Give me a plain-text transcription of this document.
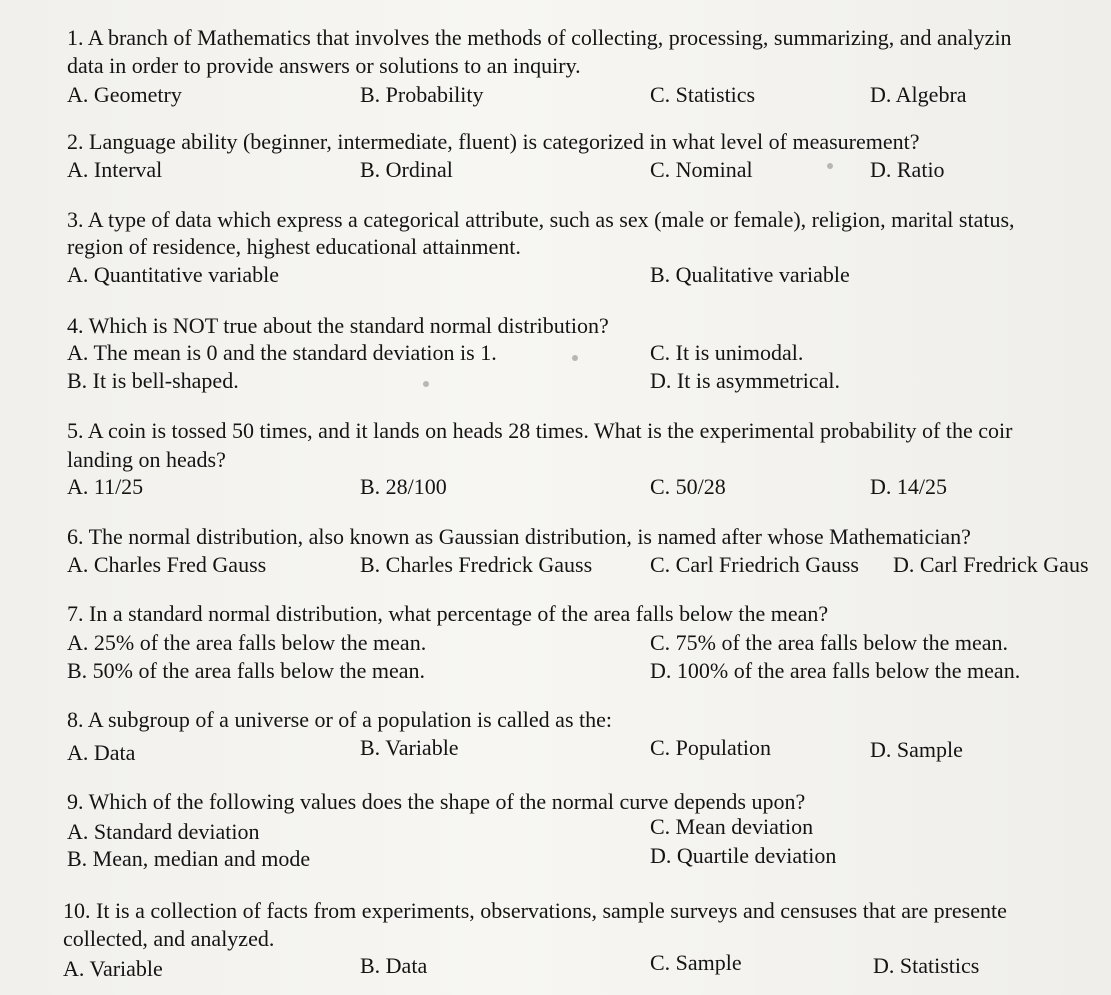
1. A branch of Mathematics that involves the methods of collecting, processing, summarizing, and analyzin
data in order to provide answers or solutions to an inquiry.
A. Geometry	B. Probability	C. Statistics	D. Algebra
2. Language ability (beginner, intermediate, fluent) is categorized in what level of measurement?
A. Interval	B. Ordinal	C. Nominal	D. Ratio
3. A type of data which express a categorical attribute, such as sex (male or female), religion, marital status,
region of residence, highest educational attainment.
A. Quantitative variable	B. Qualitative variable
4. Which is NOT true about the standard normal distribution?
A. The mean is 0 and the standard deviation is 1.	C. It is unimodal.
B. It is bell-shaped.	D. It is asymmetrical.
5. A coin is tossed 50 times, and it lands on heads 28 times. What is the experimental probability of the coir
landing on heads?
A. 11/25	B. 28/100	C. 50/28	D. 14/25
6. The normal distribution, also known as Gaussian distribution, is named after whose Mathematician?
A. Charles Fred Gauss	B. Charles Fredrick Gauss	C. Carl Friedrich Gauss D. Carl Fredrick Gaus
7. In a standard normal distribution, what percentage of the area falls below the mean?
A. 25% of the area falls below the mean.	C. 75% of the area falls below the mean.
B. 50% of the area falls below the mean.	D. 100% of the area falls below the mean.
8. A subgroup of a universe or of a population is called as the:
A. Data	B. Variable	C. Population	D. Sample
9. Which of the following values does the shape of the normal curve depends upon?
A. Standard deviation	C. Mean deviation
B. Mean, median and mode	D. Quartile deviation
10. It is a collection of facts from experiments, observations, sample surveys and censuses that are presente
collected, and analyzed.
A. Variable	B. Data	C. Sample	D. Statistics
